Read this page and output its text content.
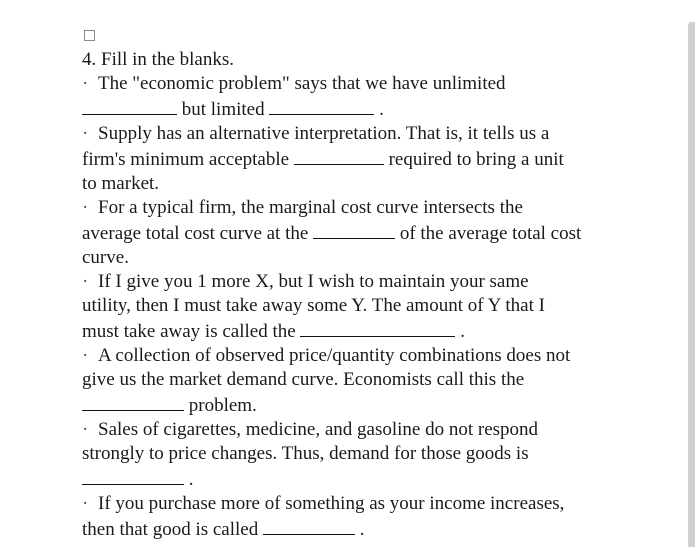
4. Fill in the blanks.

· The "economic problem" says that we have unlimited

but limited	.

· Supply has an alternative interpretation. That is, it tells us a

firm's minimum acceptable	required to bring a unit

to market.

· For a typical firm, the marginal cost curve intersects the

average total cost curve at the	of the average total cost

curve.

· If I give you 1 more X, but I wish to maintain your same

utility, then I must take away some Y. The amount of Y that I

must take away is called the	.

· A collection of observed price/quantity combinations does not

give us the market demand curve. Economists call this the

problem.

· Sales of cigarettes, medicine, and gasoline do not respond

strongly to price changes. Thus, demand for those goods is

.

· If you purchase more of something as your income increases,

then that good is called	.
